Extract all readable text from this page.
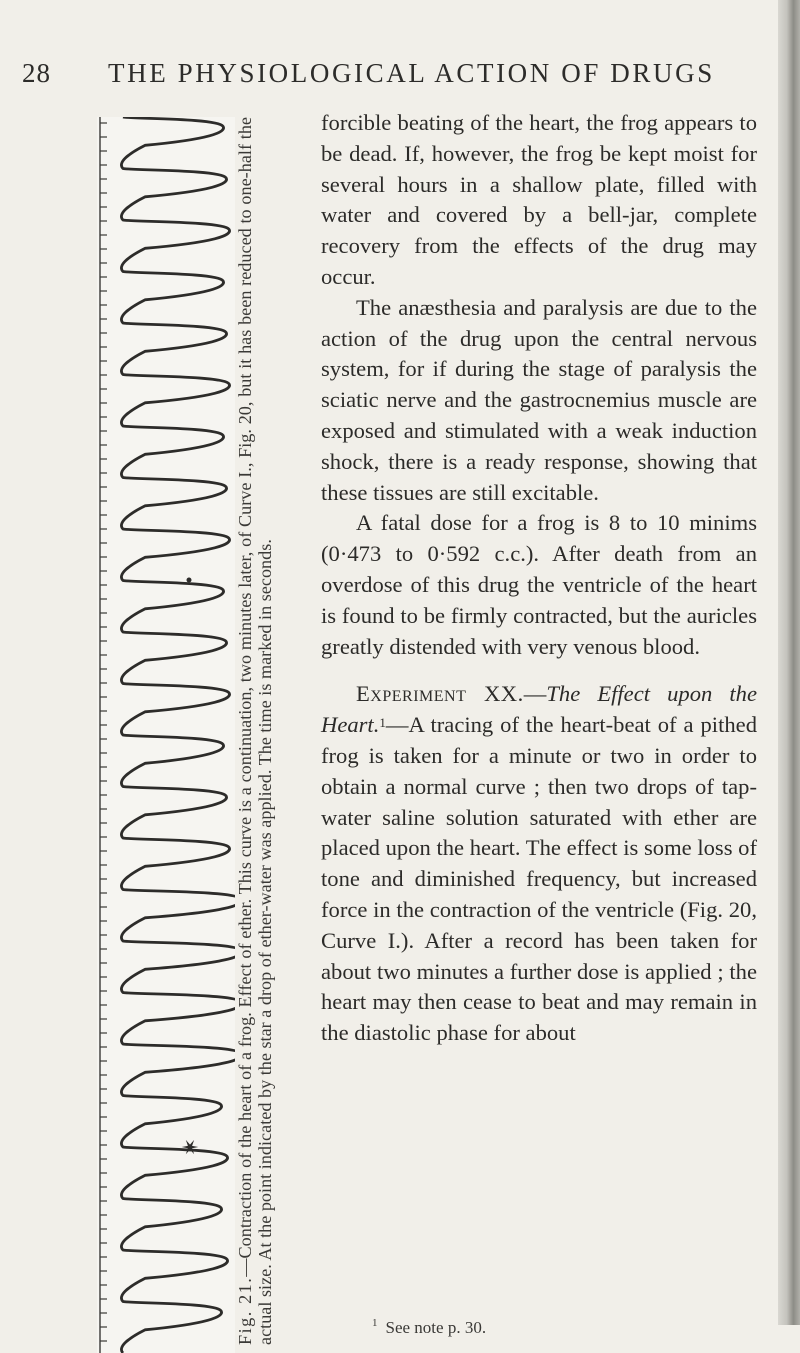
28 THE PHYSIOLOGICAL ACTION OF DRUGS
✶
Fig. 21.—Contraction of the heart of a frog. Effect of ether. This curve is a continuation, two minutes later, of Curve I., Fig. 20, but it has been reduced to one-half the actual size. At the point indicated by the star a drop of ether-water was applied. The time is marked in seconds.

forcible beating of the heart, the frog appears to be dead. If, however, the frog be kept moist for several hours in a shallow plate, filled with water and covered by a bell-jar, complete recovery from the effects of the drug may occur.

The anæsthesia and paralysis are due to the action of the drug upon the central nervous system, for if during the stage of paralysis the sciatic nerve and the gastrocnemius muscle are exposed and stimulated with a weak induction shock, there is a ready response, showing that these tissues are still excitable.

A fatal dose for a frog is 8 to 10 minims (0·473 to 0·592 c.c.). After death from an overdose of this drug the ventricle of the heart is found to be firmly contracted, but the auricles greatly distended with very venous blood.

Experiment XX.—The Effect upon the Heart.$^1$—A tracing of the heart-beat of a pithed frog is taken for a minute or two in order to obtain a normal curve ; then two drops of tap-water saline solution saturated with ether are placed upon the heart. The effect is some loss of tone and diminished frequency, but increased force in the contraction of the ventricle (Fig. 20, Curve I.). After a record has been taken for about two minutes a further dose is applied ; the heart may then cease to beat and may remain in the diastolic phase for about

$^1$ See note p. 30.
